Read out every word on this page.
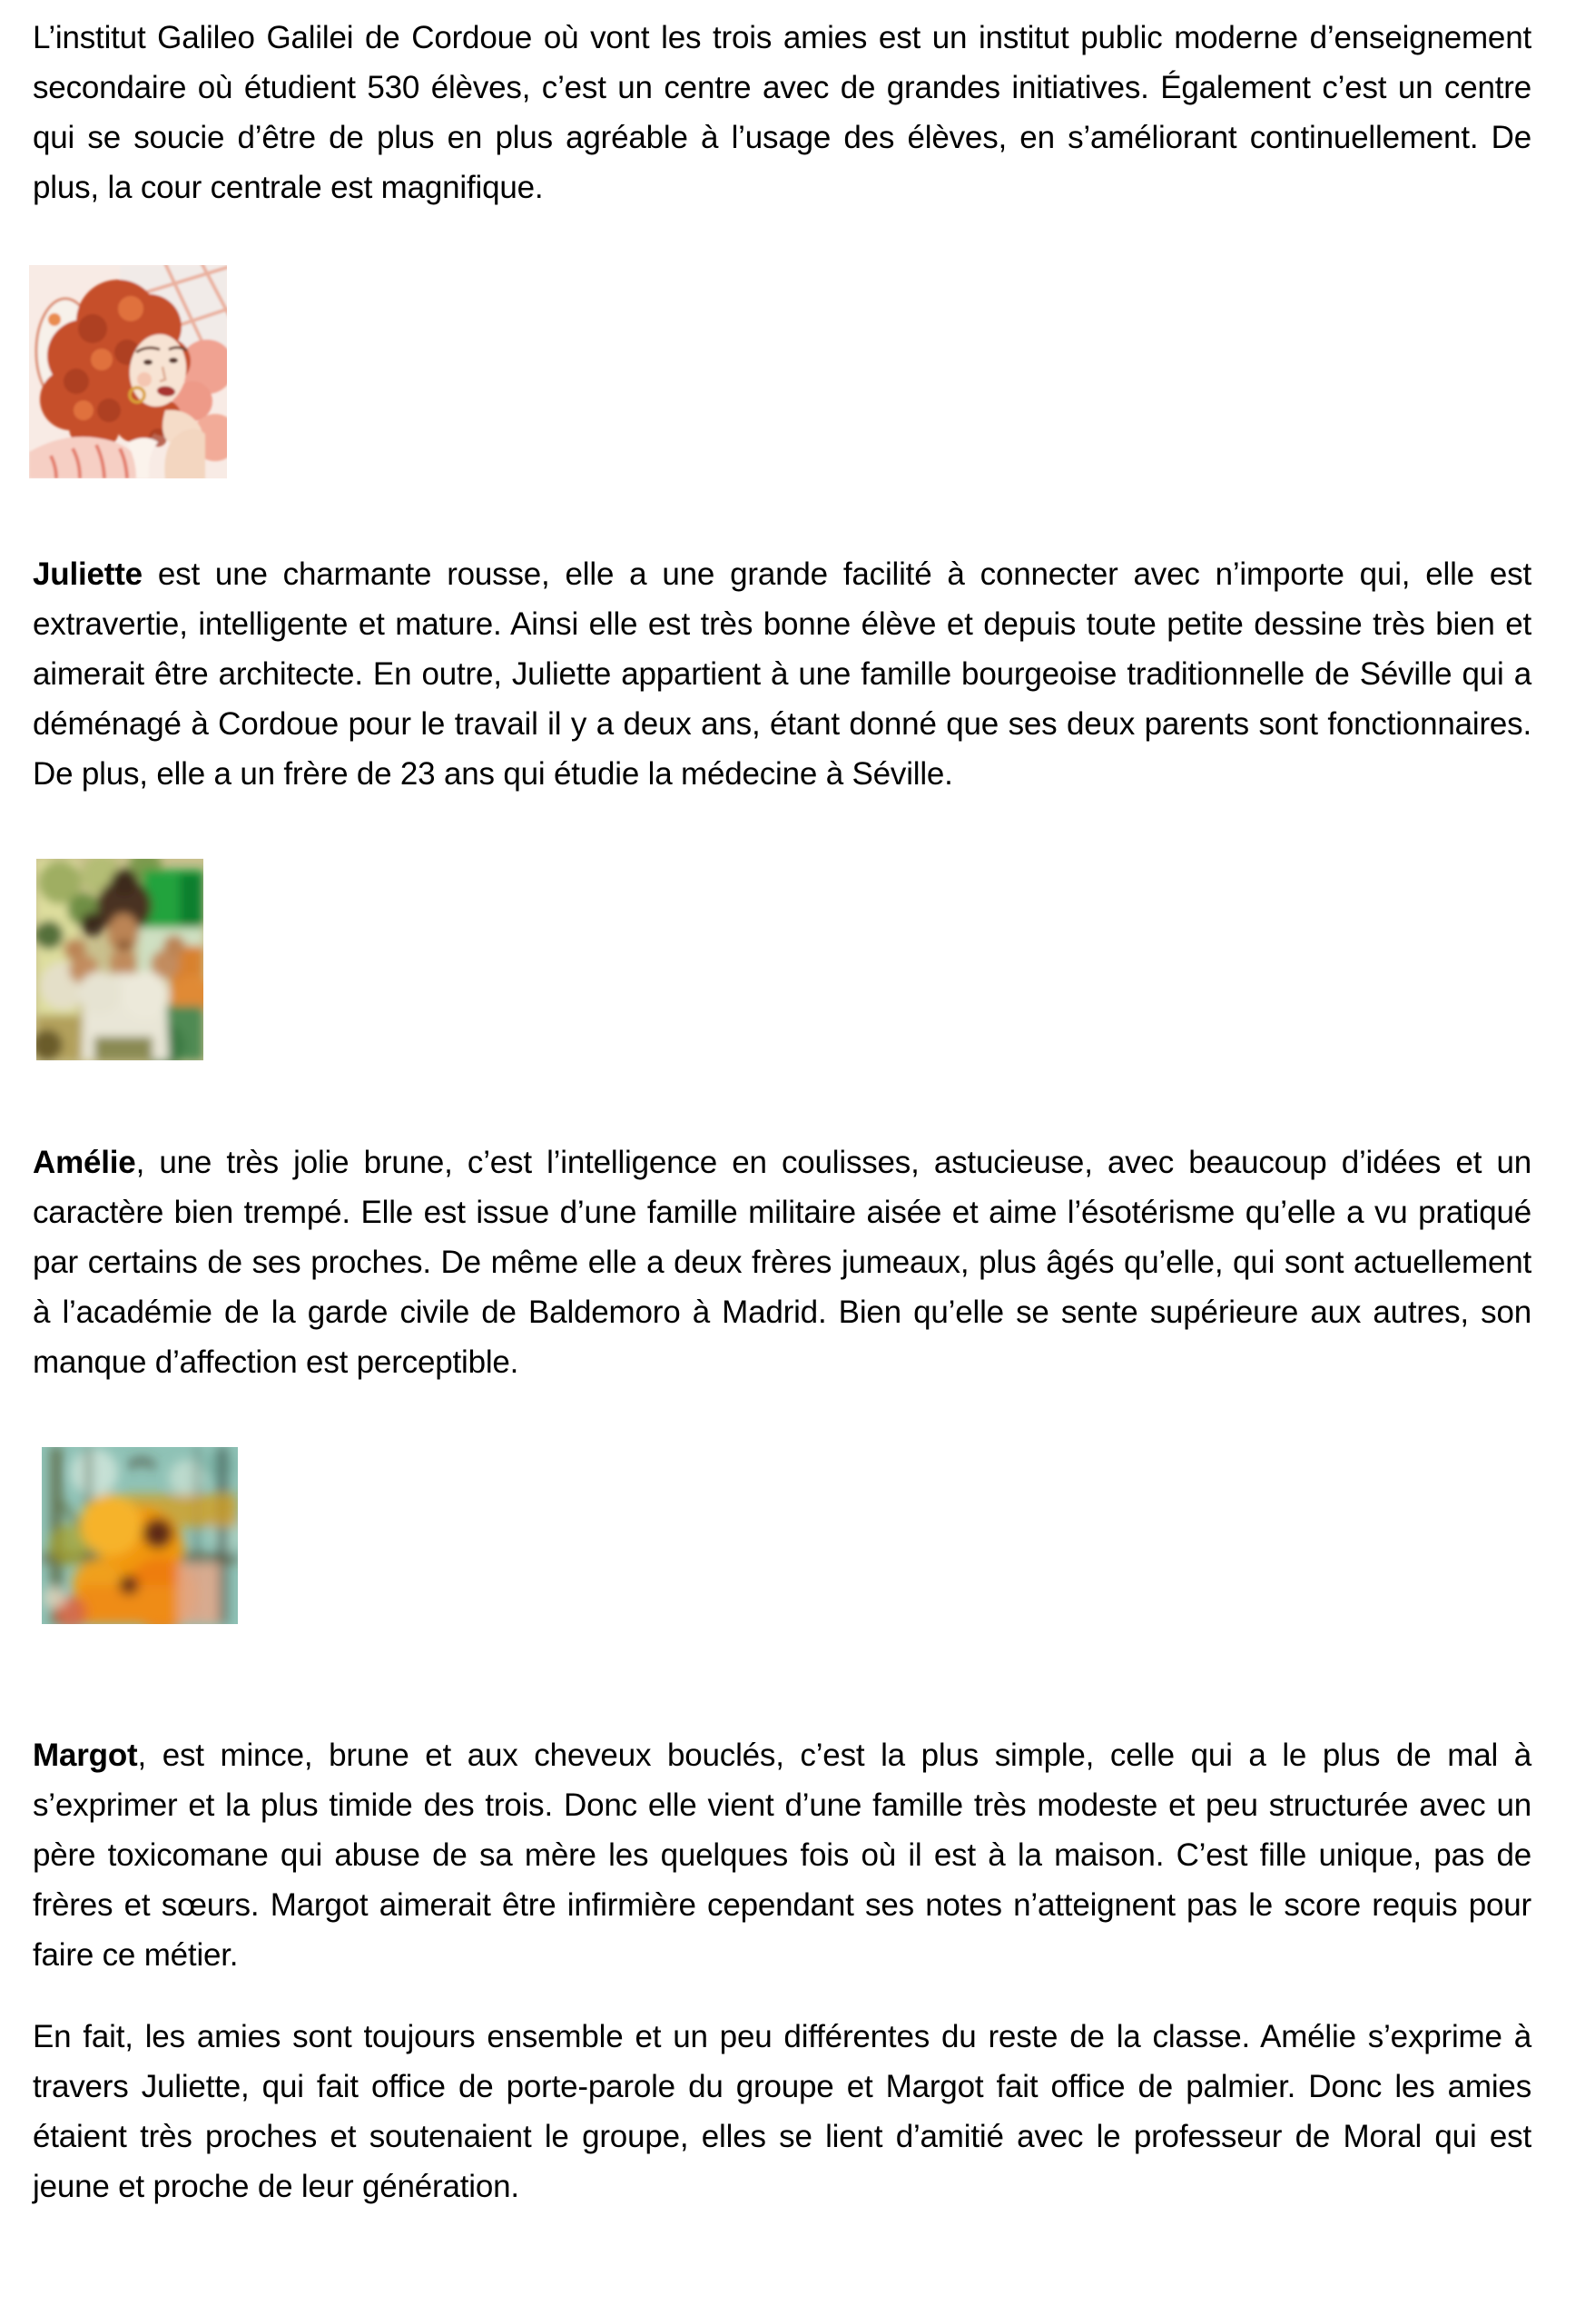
L’institut Galileo Galilei de Cordoue où vont les trois amies est un institut public moderne d’enseignement secondaire où étudient 530 élèves, c’est un centre avec de grandes initiatives. Également c’est un centre qui se soucie d’être de plus en plus agréable à l’usage des élèves, en s’améliorant continuellement. De plus, la cour centrale est magnifique.

Juliette est une charmante rousse, elle a une grande facilité à connecter avec n’importe qui, elle est extravertie, intelligente et mature. Ainsi elle est très bonne élève et depuis toute petite dessine très bien et aimerait être architecte. En outre, Juliette appartient à une famille bourgeoise traditionnelle de Séville qui a déménagé à Cordoue pour le travail il y a deux ans, étant donné que ses deux parents sont fonctionnaires. De plus, elle a un frère de 23 ans qui étudie la médecine à Séville.

Amélie, une très jolie brune, c’est l’intelligence en coulisses, astucieuse, avec beaucoup d’idées et un caractère bien trempé. Elle est issue d’une famille militaire aisée et aime l’ésotérisme qu’elle a vu pratiqué par certains de ses proches. De même elle a deux frères jumeaux, plus âgés qu’elle, qui sont actuellement à l’académie de la garde civile de Baldemoro à Madrid. Bien qu’elle se sente supérieure aux autres, son manque d’affection est perceptible.

Margot, est mince, brune et aux cheveux bouclés, c’est la plus simple, celle qui a le plus de mal à s’exprimer et la plus timide des trois. Donc elle vient d’une famille très modeste et peu structurée avec un père toxicomane qui abuse de sa mère les quelques fois où il est à la maison. C’est fille unique, pas de frères et sœurs. Margot aimerait être infirmière cependant ses notes n’atteignent pas le score requis pour faire ce métier.

En fait, les amies sont toujours ensemble et un peu différentes du reste de la classe. Amélie s’exprime à travers Juliette, qui fait office de porte-parole du groupe et Margot fait office de palmier. Donc les amies étaient très proches et soutenaient le groupe, elles se lient d’amitié avec le professeur de Moral qui est jeune et proche de leur génération.
